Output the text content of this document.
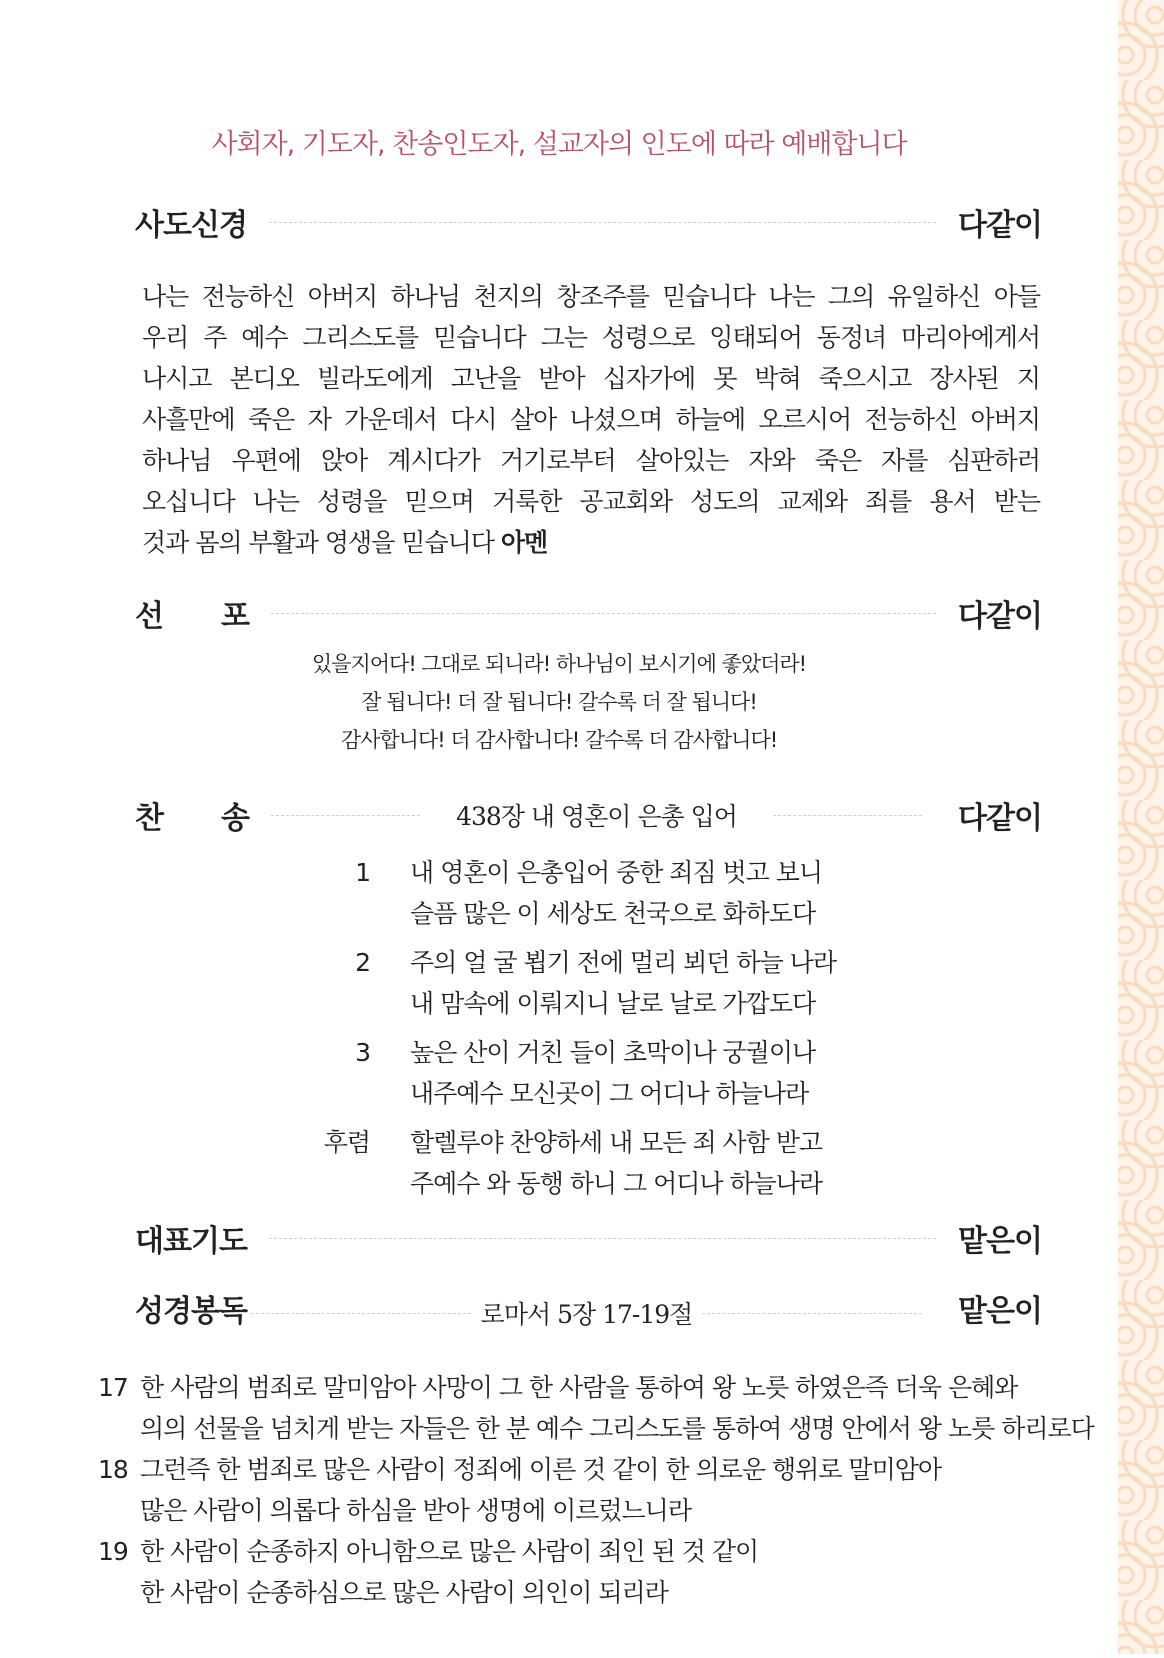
사회자, 기도자, 찬송인도자, 설교자의 인도에 따라 예배합니다
사도신경	다같이
나는 전능하신 아버지 하나님 천지의 창조주를 믿습니다 나는 그의 유일하신 아들
우리 주 예수 그리스도를 믿습니다 그는 성령으로 잉태되어 동정녀 마리아에게서
나시고 본디오 빌라도에게 고난을 받아 십자가에 못 박혀 죽으시고 장사된 지
사흘만에 죽은 자 가운데서 다시 살아 나셨으며 하늘에 오르시어 전능하신 아버지
하나님 우편에 앉아 계시다가 거기로부터 살아있는 자와 죽은 자를 심판하러
오십니다 나는 성령을 믿으며 거룩한 공교회와 성도의 교제와 죄를 용서 받는
것과 몸의 부활과 영생을 믿습니다 아멘
선　　포	다같이
있을지어다! 그대로 되니라! 하나님이 보시기에 좋았더라!
잘 됩니다! 더 잘 됩니다! 갈수록 더 잘 됩니다!
감사합니다! 더 감사합니다! 갈수록 더 감사합니다!
찬　　송	438장 내 영혼이 은총 입어	다같이
1	내 영혼이 은총입어 중한 죄짐 벗고 보니
슬픔 많은 이 세상도 천국으로 화하도다
2	주의 얼 굴 뵙기 전에 멀리 뵈던 하늘 나라
내 맘속에 이뤄지니 날로 날로 가깝도다
3	높은 산이 거친 들이 초막이나 궁궐이나
내주예수 모신곳이 그 어디나 하늘나라
후렴	할렐루야 찬양하세 내 모든 죄 사함 받고
주예수 와 동행 하니 그 어디나 하늘나라
대표기도	맡은이
성경봉독	로마서 5장 17-19절	맡은이
17 한 사람의 범죄로 말미암아 사망이 그 한 사람을 통하여 왕 노릇 하였은즉 더욱 은혜와
의의 선물을 넘치게 받는 자들은 한 분 예수 그리스도를 통하여 생명 안에서 왕 노릇 하리로다
18 그런즉 한 범죄로 많은 사람이 정죄에 이른 것 같이 한 의로운 행위로 말미암아
많은 사람이 의롭다 하심을 받아 생명에 이르렀느니라
19 한 사람이 순종하지 아니함으로 많은 사람이 죄인 된 것 같이
한 사람이 순종하심으로 많은 사람이 의인이 되리라
